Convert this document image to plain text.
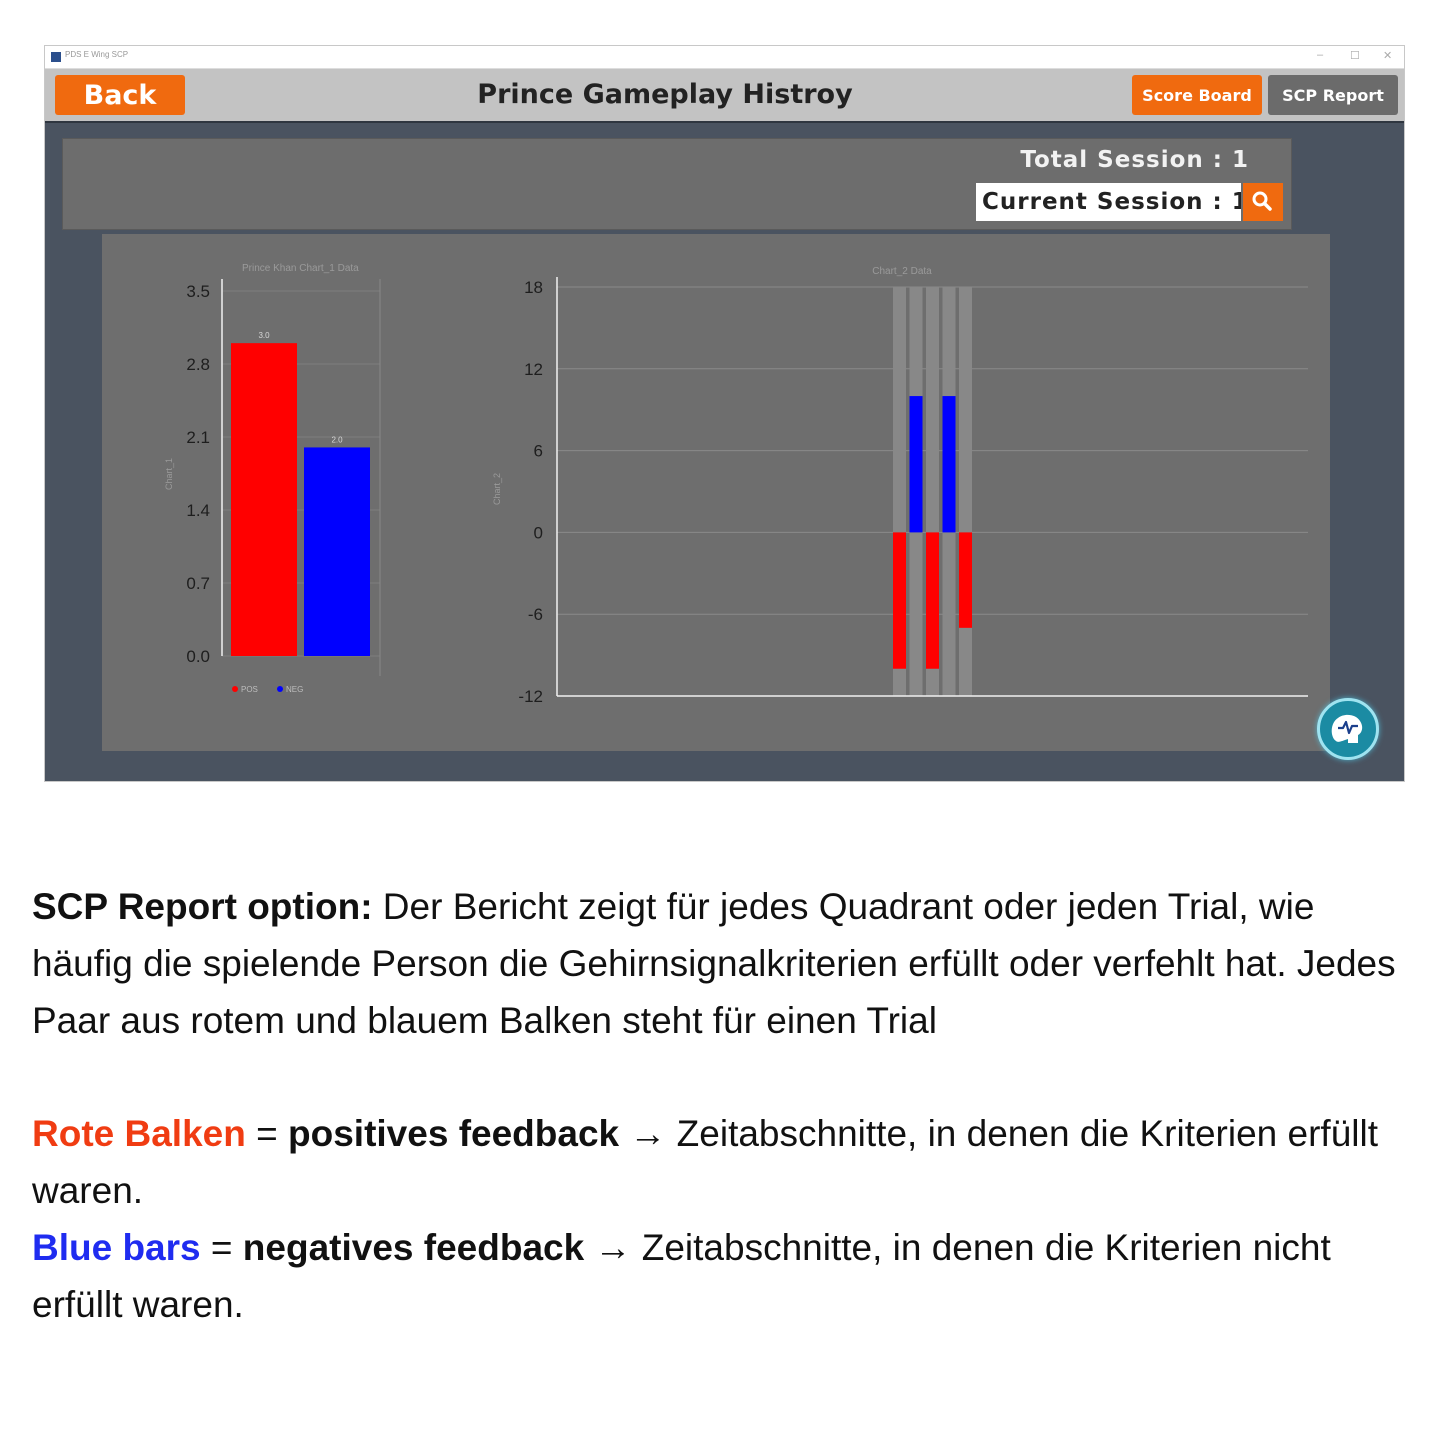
PDS E Wing SCP	– ☐ ✕
Back	Prince Gameplay Histroy	Score Board	SCP Report
Total Session : 1
Current Session : 1
Prince Khan Chart_1 Data
Chart_1
0.0
0.7
1.4
2.1
2.8
3.5
3.0
2.0
POS	NEG
Chart_2 Data
Chart_2
-12
-6
0
6
12
18

SCP Report option: Der Bericht zeigt für jedes Quadrant oder jeden Trial, wie häufig die spielende Person die Gehirnsignalkriterien erfüllt oder verfehlt hat. Jedes Paar aus rotem und blauem Balken steht für einen Trial

Rote Balken = positives feedback → Zeitabschnitte, in denen die Kriterien erfüllt waren.

Blue bars = negatives feedback → Zeitabschnitte, in denen die Kriterien nicht erfüllt waren.
